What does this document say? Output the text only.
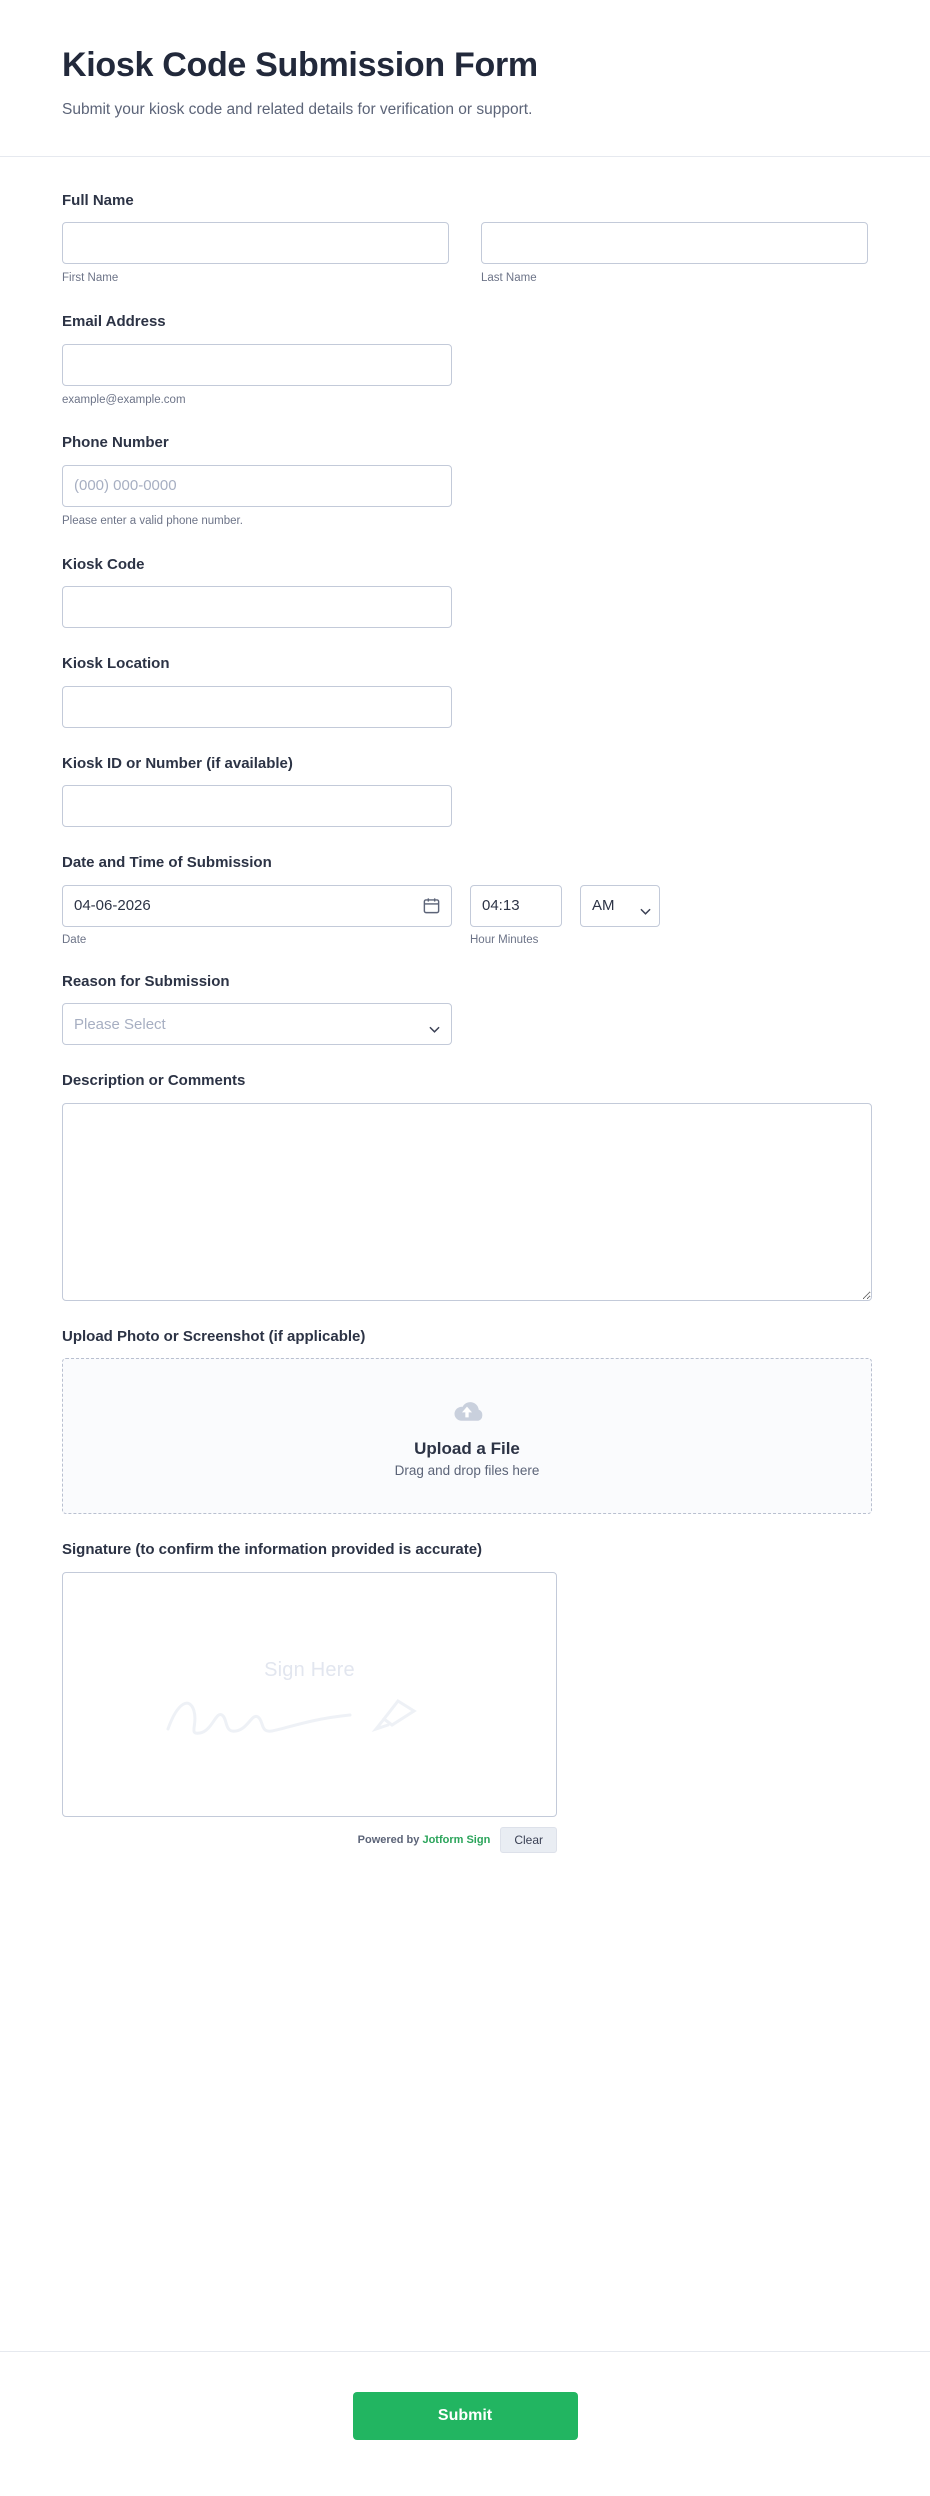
Kiosk Code Submission Form

Submit your kiosk code and related details for verification or support.

Full Name
First Name	Last Name
Email Address
example@example.com
Phone Number
(000) 000-0000
Please enter a valid phone number.
Kiosk Code
Kiosk Location
Kiosk ID or Number (if available)
Date and Time of Submission
04-06-2026
04:13
AM
Date	Hour Minutes
Reason for Submission
Please Select
Description or Comments
Upload Photo or Screenshot (if applicable)
Upload a File
Drag and drop files here
Signature (to confirm the information provided is accurate)
Sign Here
Powered by Jotform Sign	Clear
Submit
